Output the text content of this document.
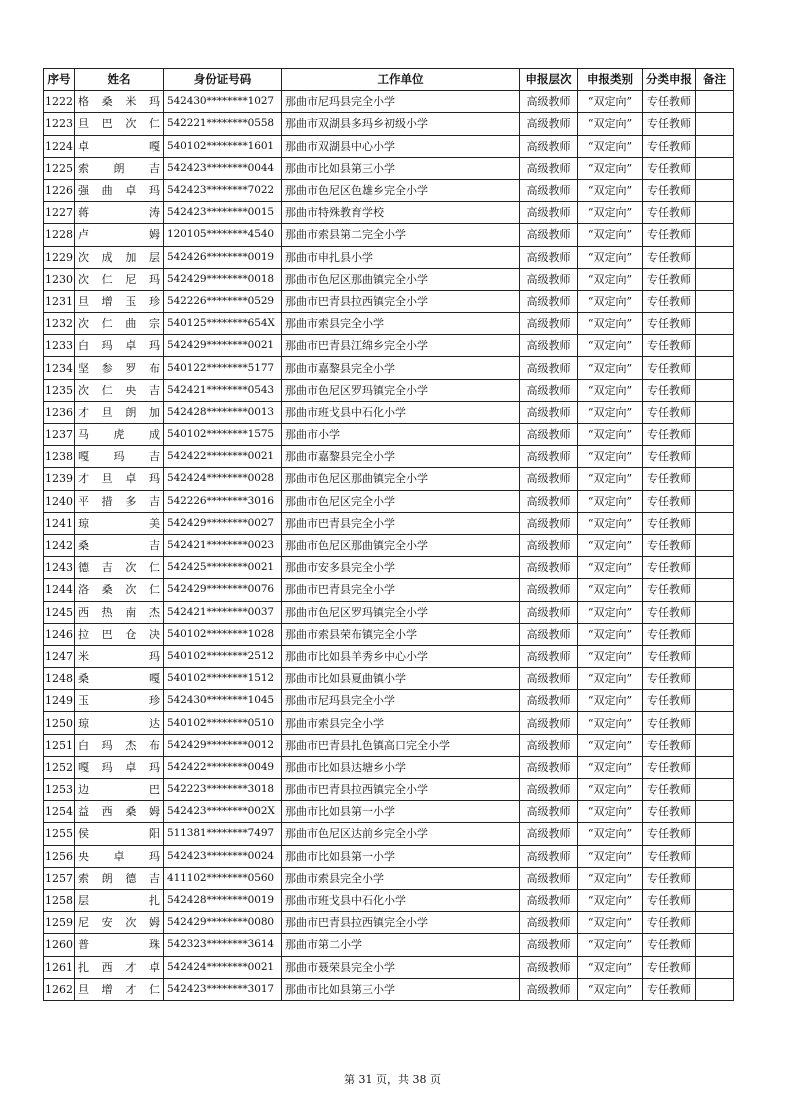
序号	姓名	身份证号码	工作单位	申报层次	申报类别	分类申报	备注
1222	格桑米玛	542430********1027	那曲市尼玛县完全小学	高级教师	“双定向”	专任教师	
1223	旦巴次仁	542221********0558	那曲市双湖县多玛乡初级小学	高级教师	“双定向”	专任教师	
1224	卓嘎	540102********1601	那曲市双湖县中心小学	高级教师	“双定向”	专任教师	
1225	索朗吉	542423********0044	那曲市比如县第三小学	高级教师	“双定向”	专任教师	
1226	强曲卓玛	542423********7022	那曲市色尼区色雄乡完全小学	高级教师	“双定向”	专任教师	
1227	蒋涛	542423********0015	那曲市特殊教育学校	高级教师	“双定向”	专任教师	
1228	卢姆	120105********4540	那曲市索县第二完全小学	高级教师	“双定向”	专任教师	
1229	次成加层	542426********0019	那曲市申扎县小学	高级教师	“双定向”	专任教师	
1230	次仁尼玛	542429********0018	那曲市色尼区那曲镇完全小学	高级教师	“双定向”	专任教师	
1231	旦增玉珍	542226********0529	那曲市巴青县拉西镇完全小学	高级教师	“双定向”	专任教师	
1232	次仁曲宗	540125********654X	那曲市索县完全小学	高级教师	“双定向”	专任教师	
1233	白玛卓玛	542429********0021	那曲市巴青县江绵乡完全小学	高级教师	“双定向”	专任教师	
1234	坚参罗布	540122********5177	那曲市嘉黎县完全小学	高级教师	“双定向”	专任教师	
1235	次仁央吉	542421********0543	那曲市色尼区罗玛镇完全小学	高级教师	“双定向”	专任教师	
1236	才旦朗加	542428********0013	那曲市班戈县中石化小学	高级教师	“双定向”	专任教师	
1237	马虎成	540102********1575	那曲市小学	高级教师	“双定向”	专任教师	
1238	嘎玛吉	542422********0021	那曲市嘉黎县完全小学	高级教师	“双定向”	专任教师	
1239	才旦卓玛	542424********0028	那曲市色尼区那曲镇完全小学	高级教师	“双定向”	专任教师	
1240	平措多吉	542226********3016	那曲市色尼区完全小学	高级教师	“双定向”	专任教师	
1241	琼美	542429********0027	那曲市巴青县完全小学	高级教师	“双定向”	专任教师	
1242	桑吉	542421********0023	那曲市色尼区那曲镇完全小学	高级教师	“双定向”	专任教师	
1243	德吉次仁	542425********0021	那曲市安多县完全小学	高级教师	“双定向”	专任教师	
1244	洛桑次仁	542429********0076	那曲市巴青县完全小学	高级教师	“双定向”	专任教师	
1245	西热南杰	542421********0037	那曲市色尼区罗玛镇完全小学	高级教师	“双定向”	专任教师	
1246	拉巴仓决	540102********1028	那曲市索县荣布镇完全小学	高级教师	“双定向”	专任教师	
1247	米玛	540102********2512	那曲市比如县羊秀乡中心小学	高级教师	“双定向”	专任教师	
1248	桑嘎	540102********1512	那曲市比如县夏曲镇小学	高级教师	“双定向”	专任教师	
1249	玉珍	542430********1045	那曲市尼玛县完全小学	高级教师	“双定向”	专任教师	
1250	琼达	540102********0510	那曲市索县完全小学	高级教师	“双定向”	专任教师	
1251	白玛杰布	542429********0012	那曲市巴青县扎色镇高口完全小学	高级教师	“双定向”	专任教师	
1252	嘎玛卓玛	542422********0049	那曲市比如县达塘乡小学	高级教师	“双定向”	专任教师	
1253	边巴	542223********3018	那曲市巴青县拉西镇完全小学	高级教师	“双定向”	专任教师	
1254	益西桑姆	542423********002X	那曲市比如县第一小学	高级教师	“双定向”	专任教师	
1255	侯阳	511381********7497	那曲市色尼区达前乡完全小学	高级教师	“双定向”	专任教师	
1256	央卓玛	542423********0024	那曲市比如县第一小学	高级教师	“双定向”	专任教师	
1257	索朗德吉	411102********0560	那曲市索县完全小学	高级教师	“双定向”	专任教师	
1258	层扎	542428********0019	那曲市班戈县中石化小学	高级教师	“双定向”	专任教师	
1259	尼安次姆	542429********0080	那曲市巴青县拉西镇完全小学	高级教师	“双定向”	专任教师	
1260	普珠	542323********3614	那曲市第二小学	高级教师	“双定向”	专任教师	
1261	扎西才卓	542424********0021	那曲市聂荣县完全小学	高级教师	“双定向”	专任教师	
1262	旦增才仁	542423********3017	那曲市比如县第三小学	高级教师	“双定向”	专任教师	
第 31 页，共 38 页
